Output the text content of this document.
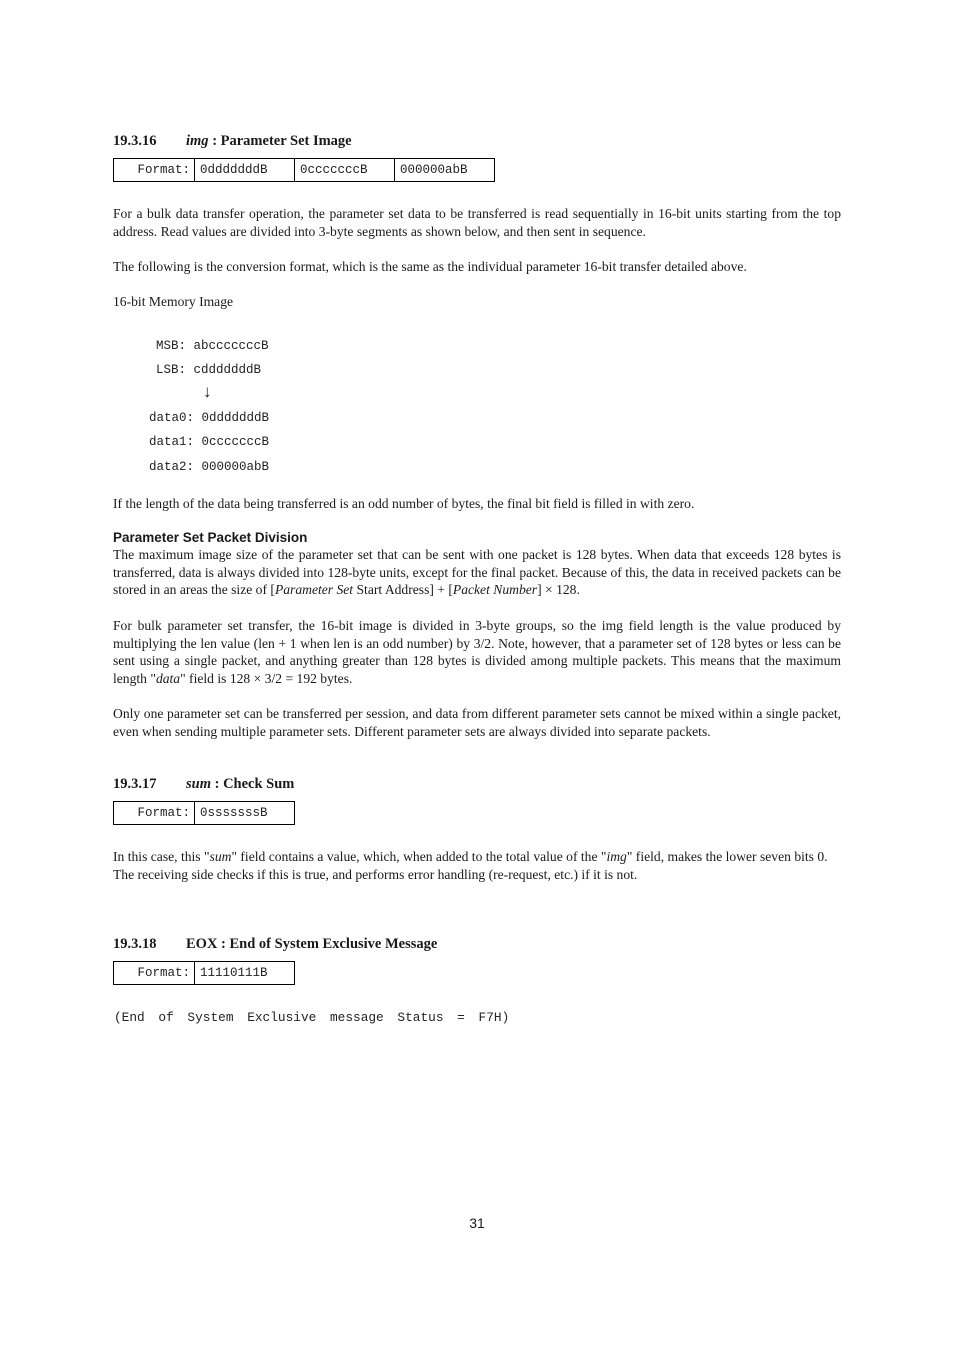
19.3.16 img : Parameter Set Image
Format:	0dddddddB	0cccccccB	000000abB

For a bulk data transfer operation, the parameter set data to be transferred is read sequentially in 16-bit units starting from the top address. Read values are divided into 3-byte segments as shown below, and then sent in sequence.

The following is the conversion format, which is the same as the individual parameter 16-bit transfer detailed above.

16-bit Memory Image
MSB: abcccccccB
LSB: cdddddddB
↓
data0: 0dddddddB
data1: 0cccccccB
data2: 000000abB

If the length of the data being transferred is an odd number of bytes, the final bit field is filled in with zero.

Parameter Set Packet Division

The maximum image size of the parameter set that can be sent with one packet is 128 bytes. When data that exceeds 128 bytes is transferred, data is always divided into 128-byte units, except for the final packet. Because of this, the data in received packets can be stored in an areas the size of [Parameter Set Start Address] + [Packet Number] × 128.

For bulk parameter set transfer, the 16-bit image is divided in 3-byte groups, so the img field length is the value produced by multiplying the len value (len + 1 when len is an odd number) by 3/2. Note, however, that a parameter set of 128 bytes or less can be sent using a single packet, and anything greater than 128 bytes is divided among multiple packets. This means that the maximum length "data" field is 128 × 3/2 = 192 bytes.

Only one parameter set can be transferred per session, and data from different parameter sets cannot be mixed within a single packet, even when sending multiple parameter sets. Different parameter sets are always divided into separate packets.

19.3.17 sum : Check Sum
Format:	0sssssssB

In this case, this "sum" field contains a value, which, when added to the total value of the "img" field, makes the lower seven bits 0.

The receiving side checks if this is true, and performs error handling (re-request, etc.) if it is not.

19.3.18 EOX : End of System Exclusive Message
Format:	11110111B
(End of System Exclusive message Status = F7H)
31
